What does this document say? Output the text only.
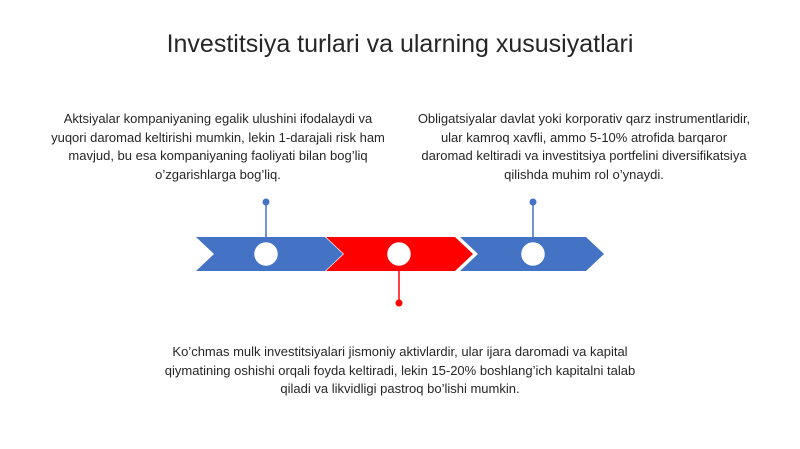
Investitsiya turlari va ularning xususiyatlari
Aktsiyalar kompaniyaning egalik ulushini ifodalaydi va yuqori daromad keltirishi mumkin, lekin 1-darajali risk ham mavjud, bu esa kompaniyaning faoliyati bilan bog’liq o’zgarishlarga bog’liq.
Obligatsiyalar davlat yoki korporativ qarz instrumentlaridir, ular kamroq xavfli, ammo 5-10% atrofida barqaror daromad keltiradi va investitsiya portfelini diversifikatsiya qilishda muhim rol o’ynaydi.
Ko’chmas mulk investitsiyalari jismoniy aktivlardir, ular ijara daromadi va kapital qiymatining oshishi orqali foyda keltiradi, lekin 15-20% boshlang’ich kapitalni talab qiladi va likvidligi pastroq bo’lishi mumkin.
